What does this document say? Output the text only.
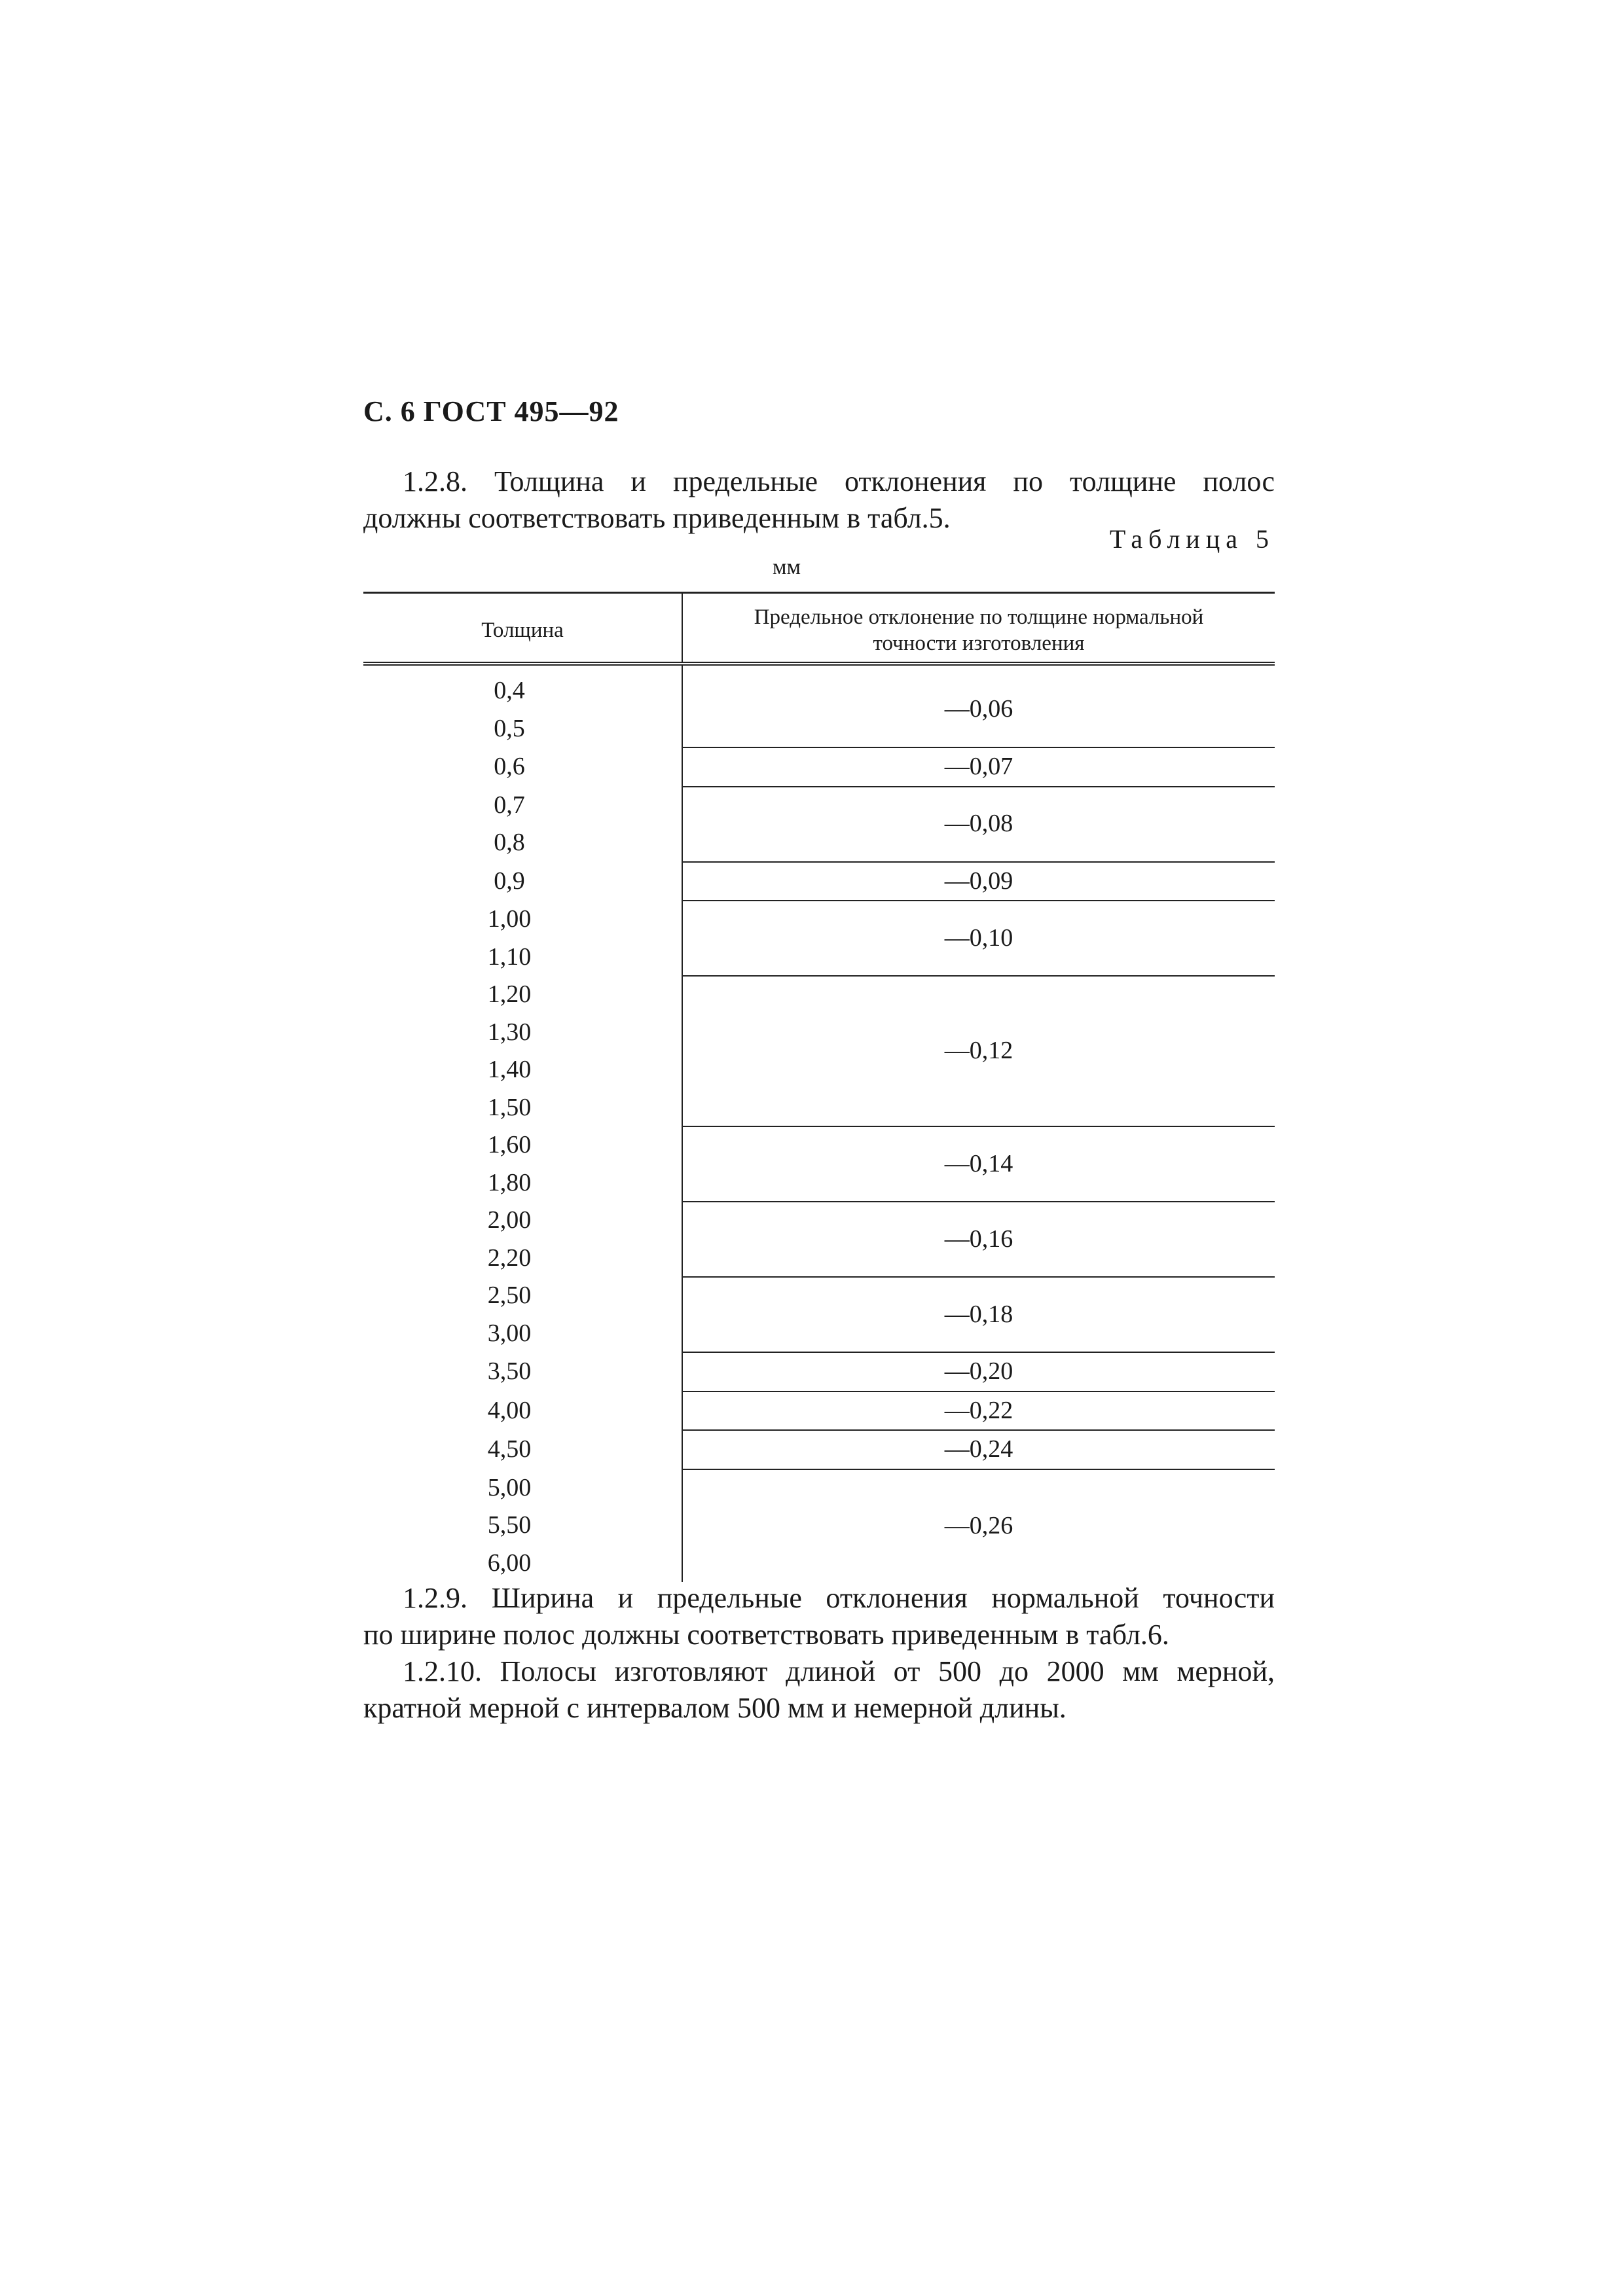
С. 6 ГОСТ 495—92

1.2.8. Толщина и предельные отклонения по толщине полос
должны соответствовать приведенным в табл.5.

Таблица 5
мм
Толщина	Предельное отклонение по толщине нормальной
точности изготовления
0,4	—0,06
0,5	
0,6	—0,07
0,7	—0,08
0,8	
0,9	—0,09
1,00	—0,10
1,10	
1,20	—0,12
1,30	
1,40	
1,50	
1,60	—0,14
1,80	
2,00	—0,16
2,20	
2,50	—0,18
3,00	
3,50	—0,20
4,00	—0,22
4,50	—0,24
5,00	—0,26
5,50	
6,00	

1.2.9. Ширина и предельные отклонения нормальной точности
по ширине полос должны соответствовать приведенным в табл.6.

1.2.10. Полосы изготовляют длиной от 500 до 2000 мм мерной,
кратной мерной с интервалом 500 мм и немерной длины.
